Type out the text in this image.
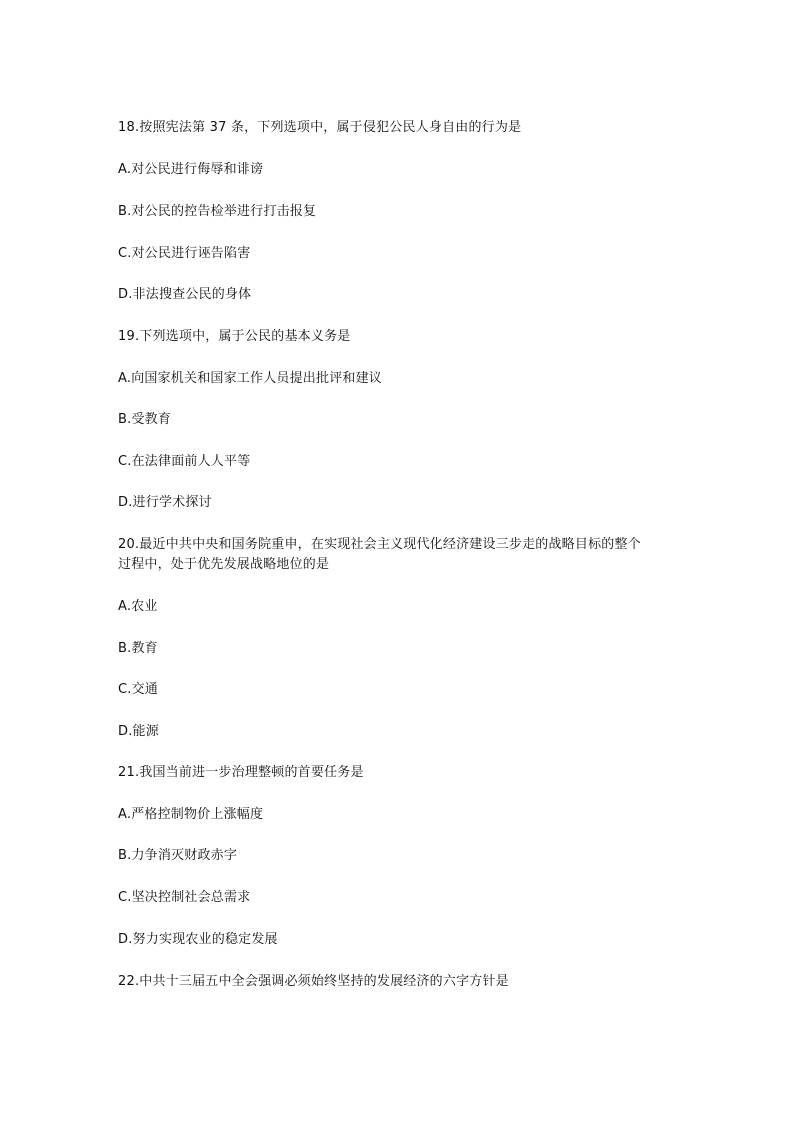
18.按照宪法第 37 条，下列选项中，属于侵犯公民人身自由的行为是
A.对公民进行侮辱和诽谤
B.对公民的控告检举进行打击报复
C.对公民进行诬告陷害
D.非法搜查公民的身体
19.下列选项中，属于公民的基本义务是
A.向国家机关和国家工作人员提出批评和建议
B.受教育
C.在法律面前人人平等
D.进行学术探讨
20.最近中共中央和国务院重申，在实现社会主义现代化经济建设三步走的战略目标的整个
过程中，处于优先发展战略地位的是
A.农业
B.教育
C.交通
D.能源
21.我国当前进一步治理整顿的首要任务是
A.严格控制物价上涨幅度
B.力争消灭财政赤字
C.坚决控制社会总需求
D.努力实现农业的稳定发展
22.中共十三届五中全会强调必须始终坚持的发展经济的六字方针是
